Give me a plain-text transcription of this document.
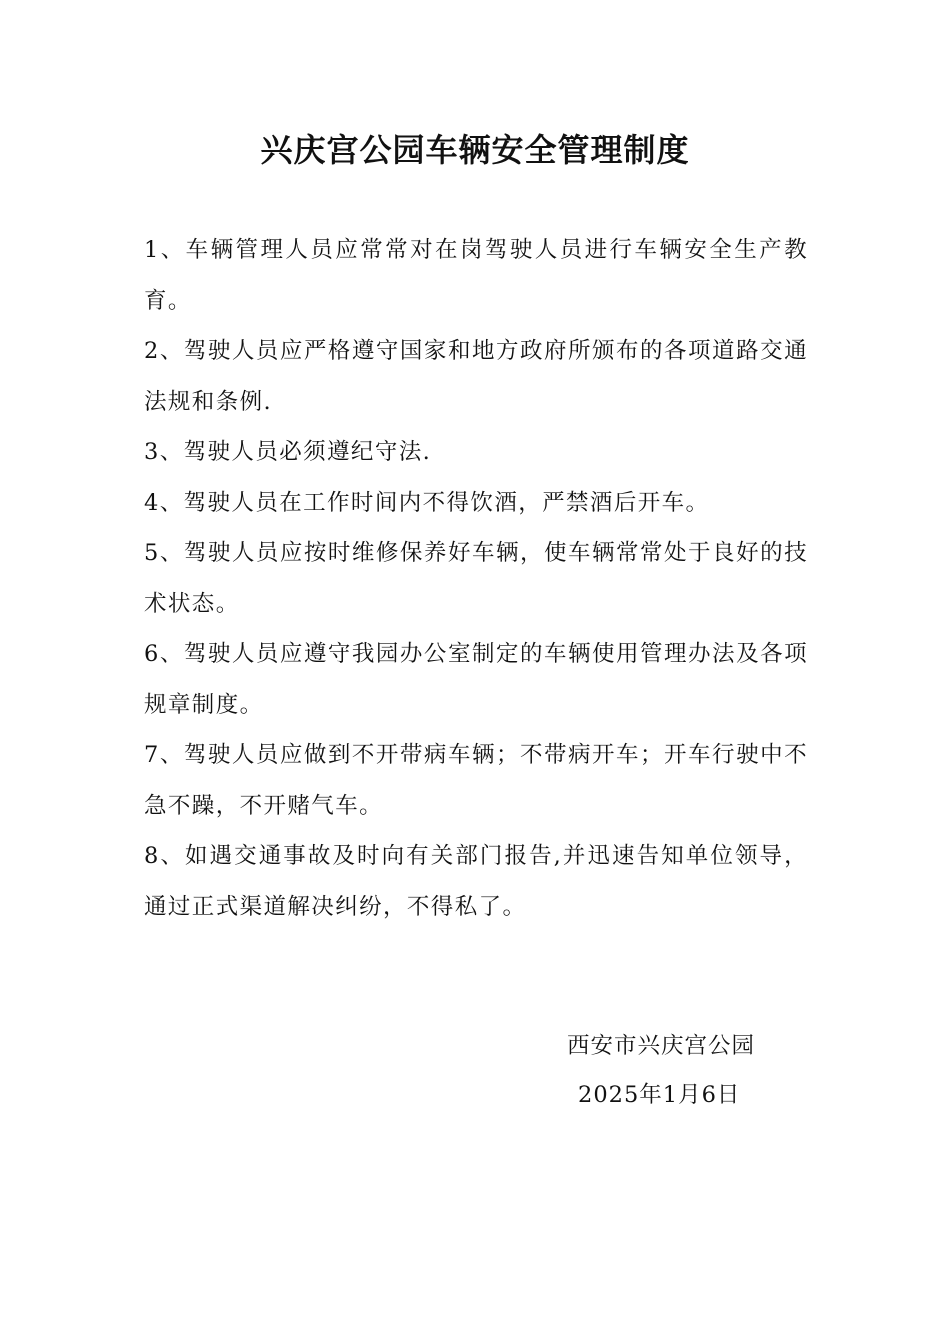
兴庆宫公园车辆安全管理制度

1、车辆管理人员应常常对在岗驾驶人员进行车辆安全生产教育。

2、驾驶人员应严格遵守国家和地方政府所颁布的各项道路交通法规和条例.

3、驾驶人员必须遵纪守法.

4、驾驶人员在工作时间内不得饮酒，严禁酒后开车。

5、驾驶人员应按时维修保养好车辆，使车辆常常处于良好的技术状态。

6、驾驶人员应遵守我园办公室制定的车辆使用管理办法及各项规章制度。

7、驾驶人员应做到不开带病车辆；不带病开车；开车行驶中不急不躁，不开赌气车。

8、如遇交通事故及时向有关部门报告,并迅速告知单位领导，通过正式渠道解决纠纷，不得私了。

西安市兴庆宫公园
2025年1月6日
